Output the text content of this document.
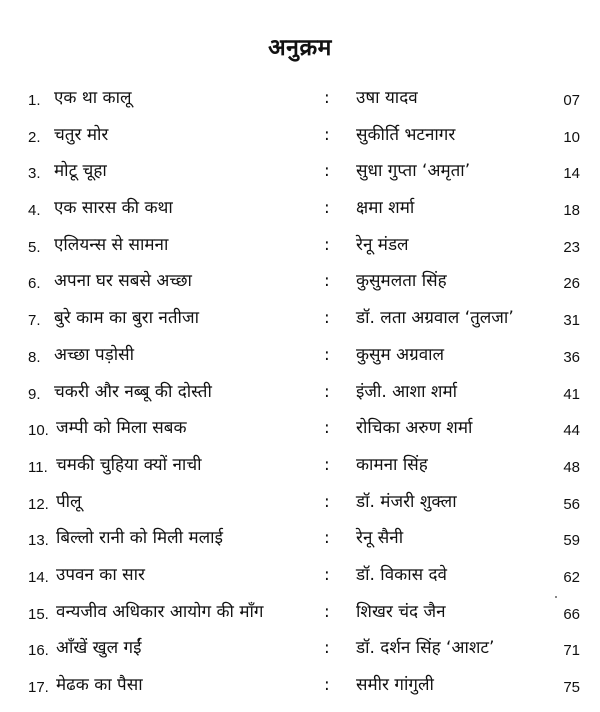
अनुक्रम
1. एक था कालू	: उषा यादव	07
2. चतुर मोर	: सुकीर्ति भटनागर	10
3. मोटू चूहा	: सुधा गुप्ता ‘अमृता’	14
4. एक सारस की कथा	: क्षमा शर्मा	18
5. एलियन्स से सामना	: रेनू मंडल	23
6. अपना घर सबसे अच्छा	: कुसुमलता सिंह	26
7. बुरे काम का बुरा नतीजा	: डॉ. लता अग्रवाल ‘तुलजा’	31
8. अच्छा पड़ोसी	: कुसुम अग्रवाल	36
9. चकरी और नब्बू की दोस्ती	: इंजी. आशा शर्मा	41
10. जम्पी को मिला सबक	: रोचिका अरुण शर्मा	44
11. चमकी चुहिया क्यों नाची	: कामना सिंह	48
12. पीलू	: डॉ. मंजरी शुक्ला	56
13. बिल्लो रानी को मिली मलाई	: रेनू सैनी	59
14. उपवन का सार	: डॉ. विकास दवे	62
15. वन्यजीव अधिकार आयोग की माँग	: शिखर चंद जैन	66
16. आँखें खुल गईं	: डॉ. दर्शन सिंह ‘आशट’	71
17. मेढक का पैसा	: समीर गांगुली	75
